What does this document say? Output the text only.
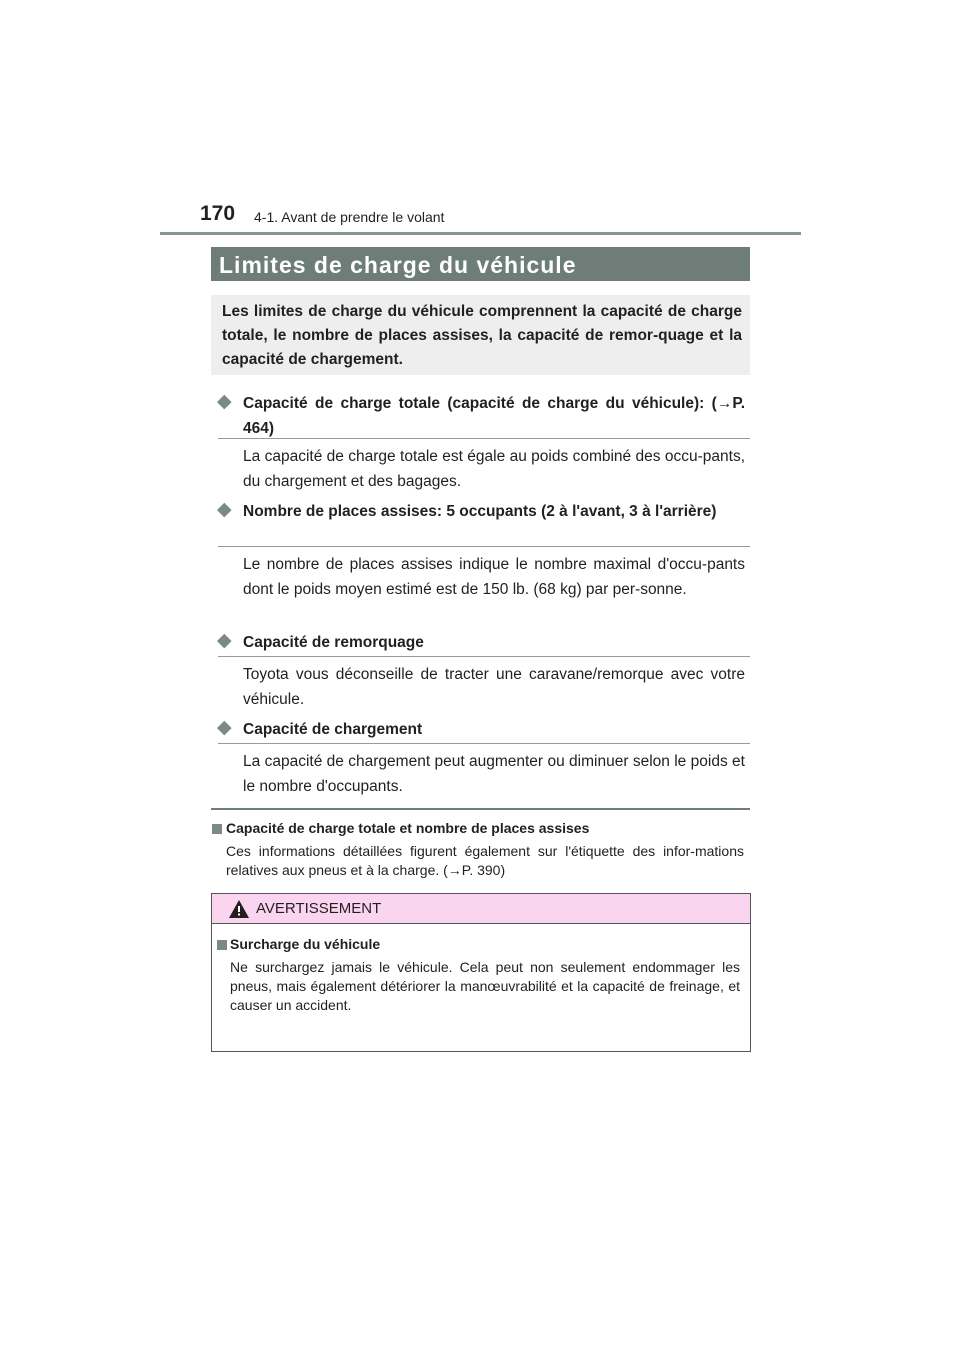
170 4-1. Avant de prendre le volant
Limites de charge du véhicule
Les limites de charge du véhicule comprennent la capacité de charge totale, le nombre de places assises, la capacité de remor-quage et la capacité de chargement.
◆ Capacité de charge totale (capacité de charge du véhicule): (→P. 464)
La capacité de charge totale est égale au poids combiné des occu-pants, du chargement et des bagages.
◆ Nombre de places assises: 5 occupants (2 à l'avant, 3 à l'arrière)
Le nombre de places assises indique le nombre maximal d'occu-pants dont le poids moyen estimé est de 150 lb. (68 kg) par per-sonne.
◆ Capacité de remorquage
Toyota vous déconseille de tracter une caravane/remorque avec votre véhicule.
◆ Capacité de chargement
La capacité de chargement peut augmenter ou diminuer selon le poids et le nombre d'occupants.
Capacité de charge totale et nombre de places assises
Ces informations détaillées figurent également sur l'étiquette des infor-mations relatives aux pneus et à la charge. (→P. 390)
AVERTISSEMENT
Surcharge du véhicule
Ne surchargez jamais le véhicule. Cela peut non seulement endommager les pneus, mais également détériorer la manœuvrabilité et la capacité de freinage, et causer un accident.
